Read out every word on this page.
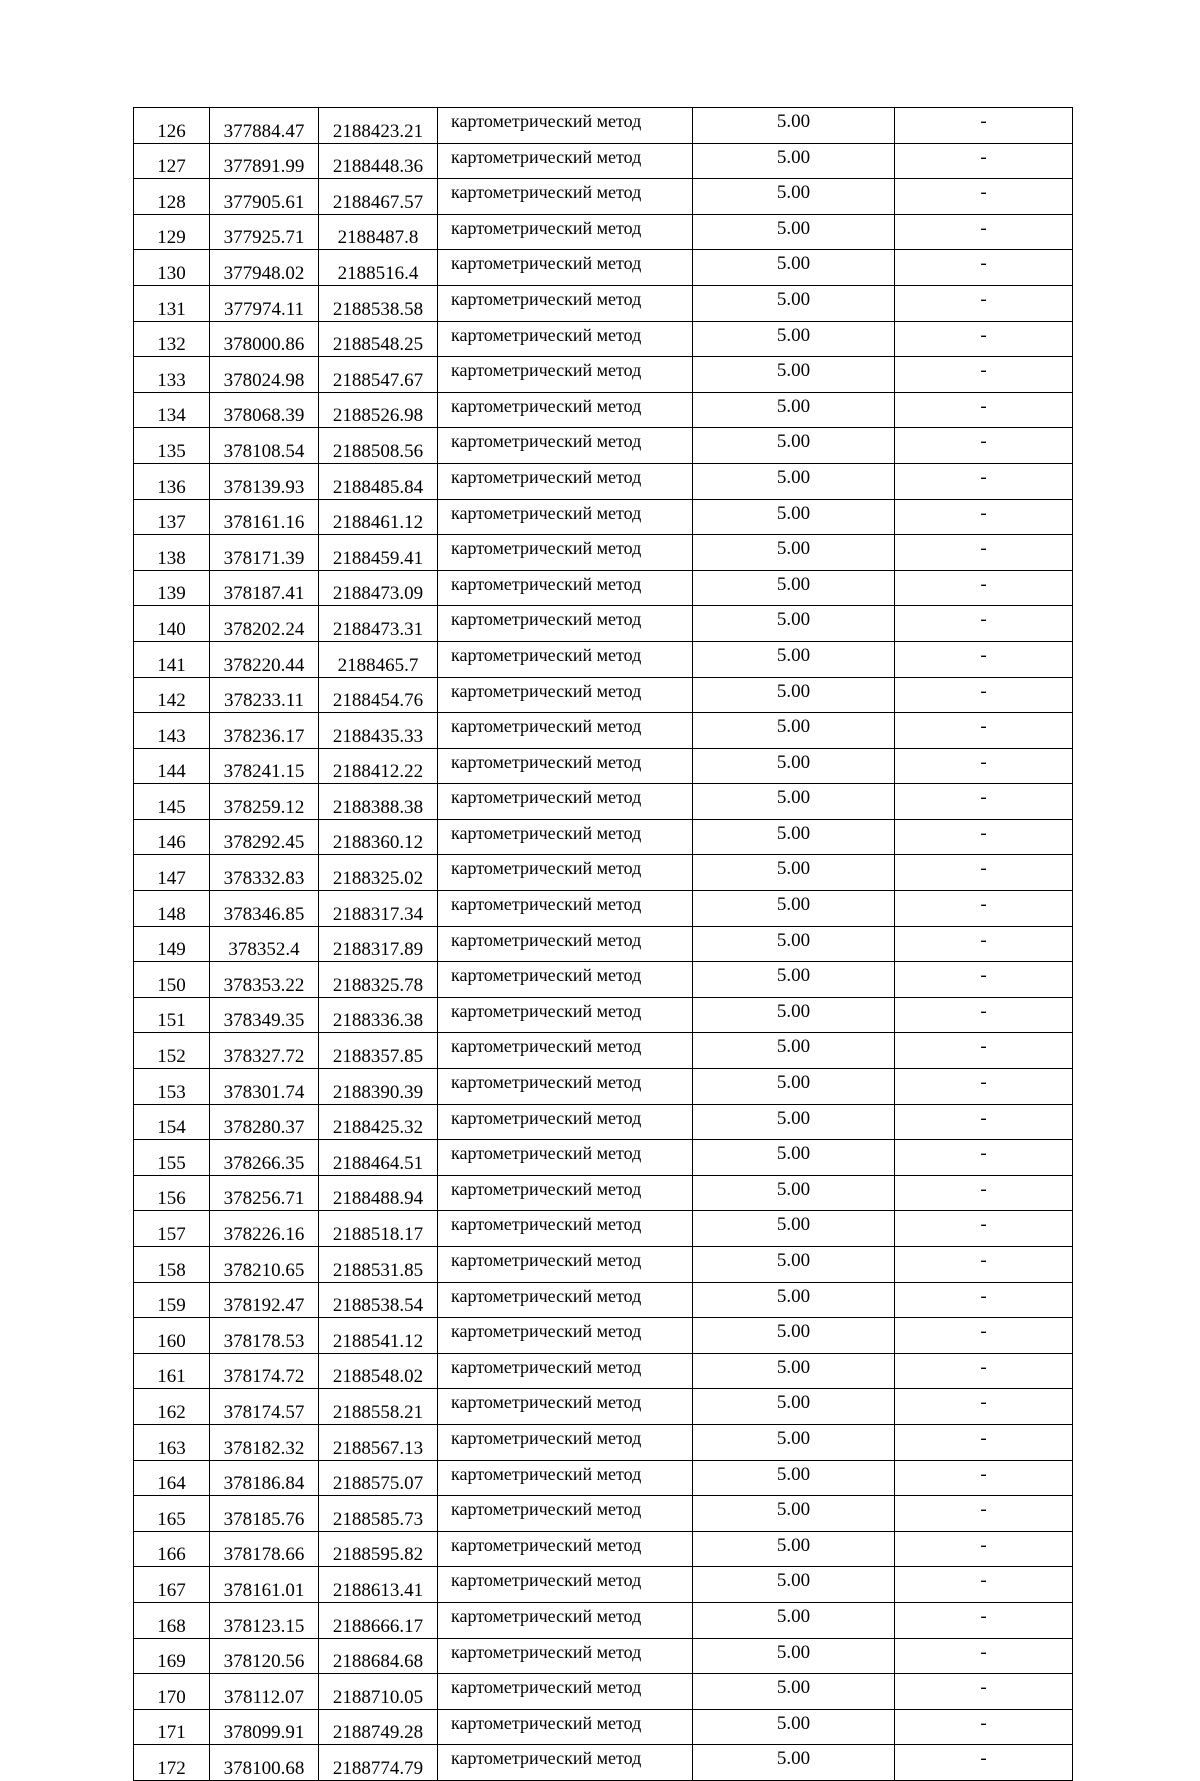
126	377884.47	2188423.21	картометрический метод	5.00	-
127	377891.99	2188448.36	картометрический метод	5.00	-
128	377905.61	2188467.57	картометрический метод	5.00	-
129	377925.71	2188487.8	картометрический метод	5.00	-
130	377948.02	2188516.4	картометрический метод	5.00	-
131	377974.11	2188538.58	картометрический метод	5.00	-
132	378000.86	2188548.25	картометрический метод	5.00	-
133	378024.98	2188547.67	картометрический метод	5.00	-
134	378068.39	2188526.98	картометрический метод	5.00	-
135	378108.54	2188508.56	картометрический метод	5.00	-
136	378139.93	2188485.84	картометрический метод	5.00	-
137	378161.16	2188461.12	картометрический метод	5.00	-
138	378171.39	2188459.41	картометрический метод	5.00	-
139	378187.41	2188473.09	картометрический метод	5.00	-
140	378202.24	2188473.31	картометрический метод	5.00	-
141	378220.44	2188465.7	картометрический метод	5.00	-
142	378233.11	2188454.76	картометрический метод	5.00	-
143	378236.17	2188435.33	картометрический метод	5.00	-
144	378241.15	2188412.22	картометрический метод	5.00	-
145	378259.12	2188388.38	картометрический метод	5.00	-
146	378292.45	2188360.12	картометрический метод	5.00	-
147	378332.83	2188325.02	картометрический метод	5.00	-
148	378346.85	2188317.34	картометрический метод	5.00	-
149	378352.4	2188317.89	картометрический метод	5.00	-
150	378353.22	2188325.78	картометрический метод	5.00	-
151	378349.35	2188336.38	картометрический метод	5.00	-
152	378327.72	2188357.85	картометрический метод	5.00	-
153	378301.74	2188390.39	картометрический метод	5.00	-
154	378280.37	2188425.32	картометрический метод	5.00	-
155	378266.35	2188464.51	картометрический метод	5.00	-
156	378256.71	2188488.94	картометрический метод	5.00	-
157	378226.16	2188518.17	картометрический метод	5.00	-
158	378210.65	2188531.85	картометрический метод	5.00	-
159	378192.47	2188538.54	картометрический метод	5.00	-
160	378178.53	2188541.12	картометрический метод	5.00	-
161	378174.72	2188548.02	картометрический метод	5.00	-
162	378174.57	2188558.21	картометрический метод	5.00	-
163	378182.32	2188567.13	картометрический метод	5.00	-
164	378186.84	2188575.07	картометрический метод	5.00	-
165	378185.76	2188585.73	картометрический метод	5.00	-
166	378178.66	2188595.82	картометрический метод	5.00	-
167	378161.01	2188613.41	картометрический метод	5.00	-
168	378123.15	2188666.17	картометрический метод	5.00	-
169	378120.56	2188684.68	картометрический метод	5.00	-
170	378112.07	2188710.05	картометрический метод	5.00	-
171	378099.91	2188749.28	картометрический метод	5.00	-
172	378100.68	2188774.79	картометрический метод	5.00	-
